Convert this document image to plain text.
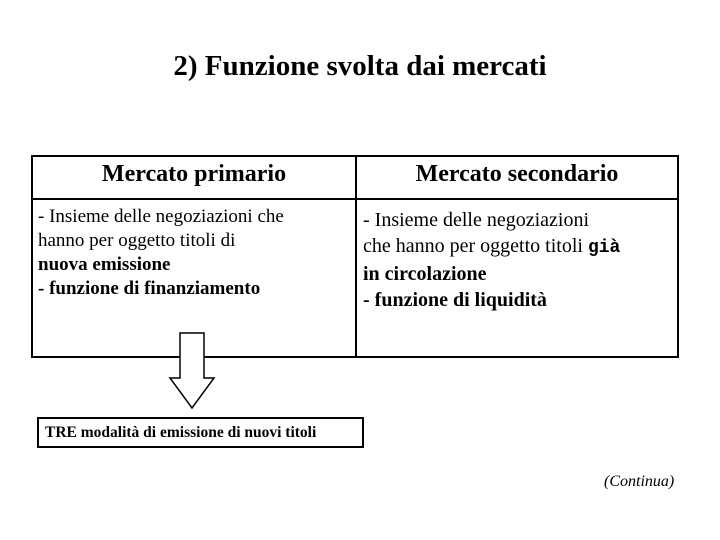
2) Funzione svolta dai mercati
Mercato primario	Mercato secondario
- Insieme delle negoziazioni che
hanno per oggetto titoli di
nuova emissione
- funzione di finanziamento
- Insieme delle negoziazioni
che hanno per oggetto titoli già
in circolazione
- funzione di liquidità
TRE modalità di emissione di nuovi titoli
(Continua)
